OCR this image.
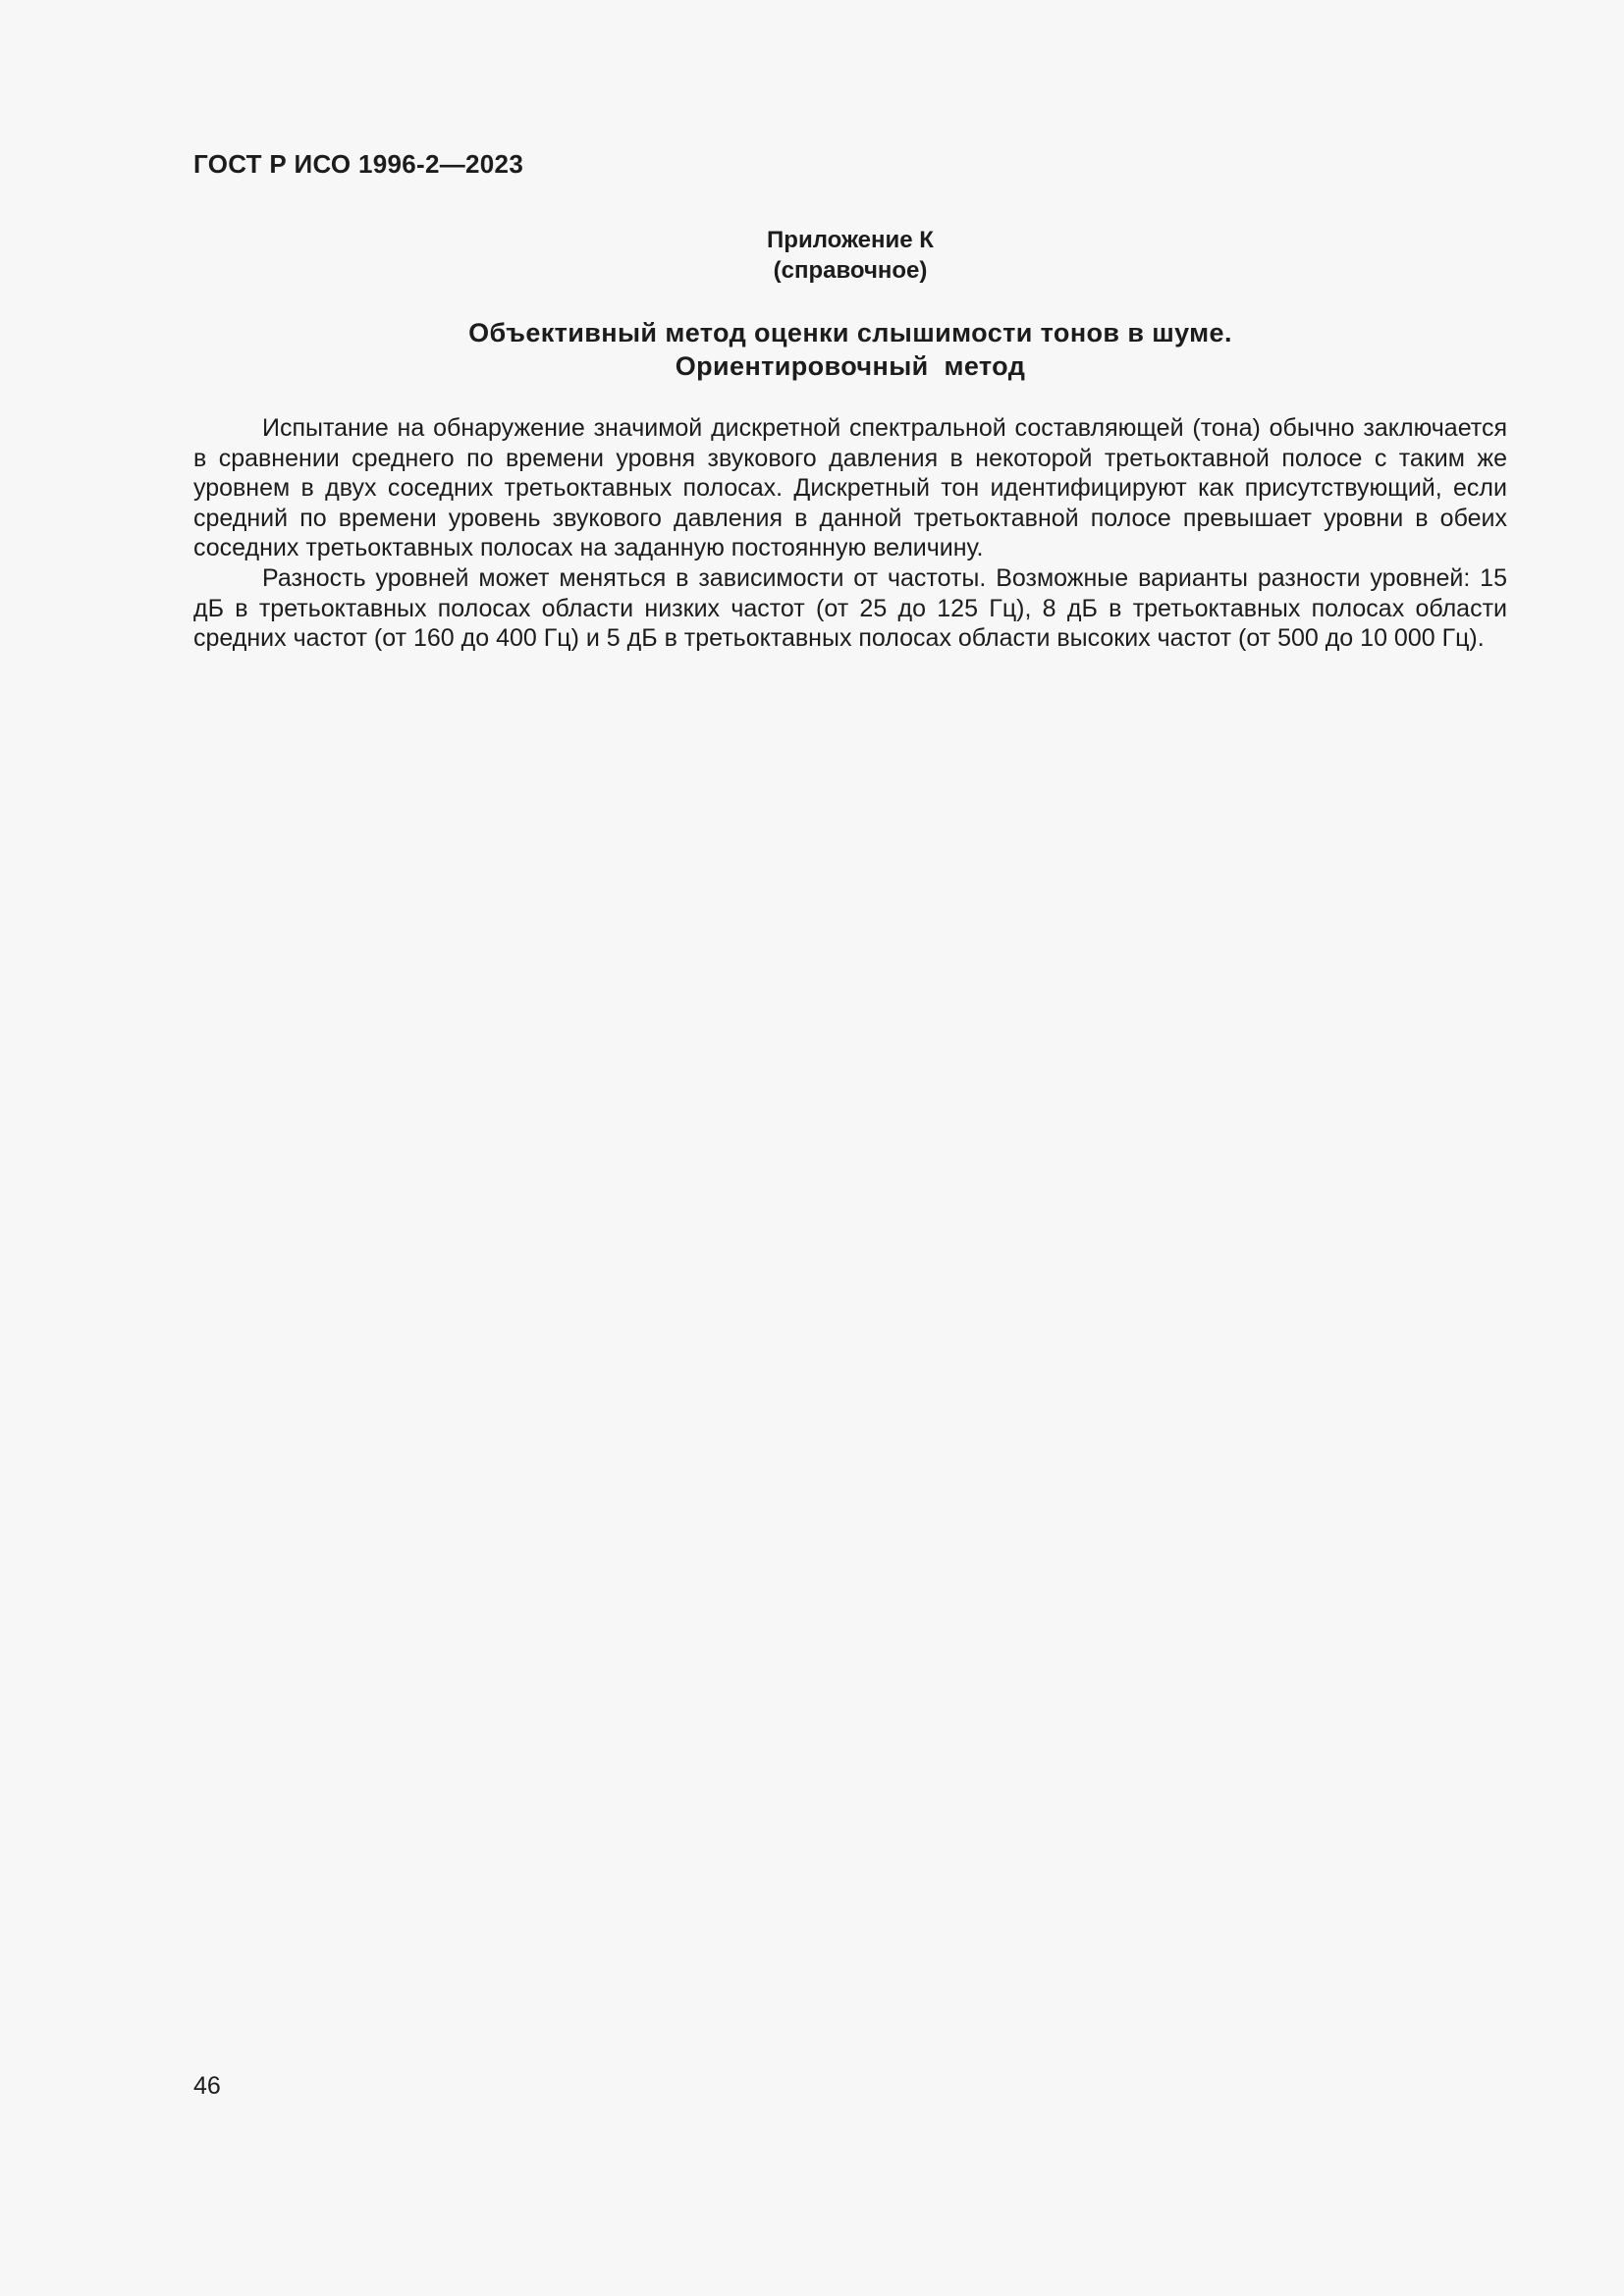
ГОСТ Р ИСО 1996-2—2023
Приложение К
(справочное)
Объективный метод оценки слышимости тонов в шуме.
Ориентировочный  метод

Испытание на обнаружение значимой дискретной спектральной составляющей (тона) обычно заключается в сравнении среднего по времени уровня звукового давления в некоторой третьоктавной полосе с таким же уровнем в двух соседних третьоктавных полосах. Дискретный тон идентифицируют как присутствующий, если средний по времени уровень звукового давления в данной третьоктавной полосе превышает уровни в обеих соседних третьоктавных полосах на заданную постоянную величину.

Разность уровней может меняться в зависимости от частоты. Возможные варианты разности уровней: 15 дБ в третьоктавных полосах области низких частот (от 25 до 125 Гц), 8 дБ в третьоктавных полосах области средних частот (от 160 до 400 Гц) и 5 дБ в третьоктавных полосах области высоких частот (от 500 до 10 000 Гц).

46
